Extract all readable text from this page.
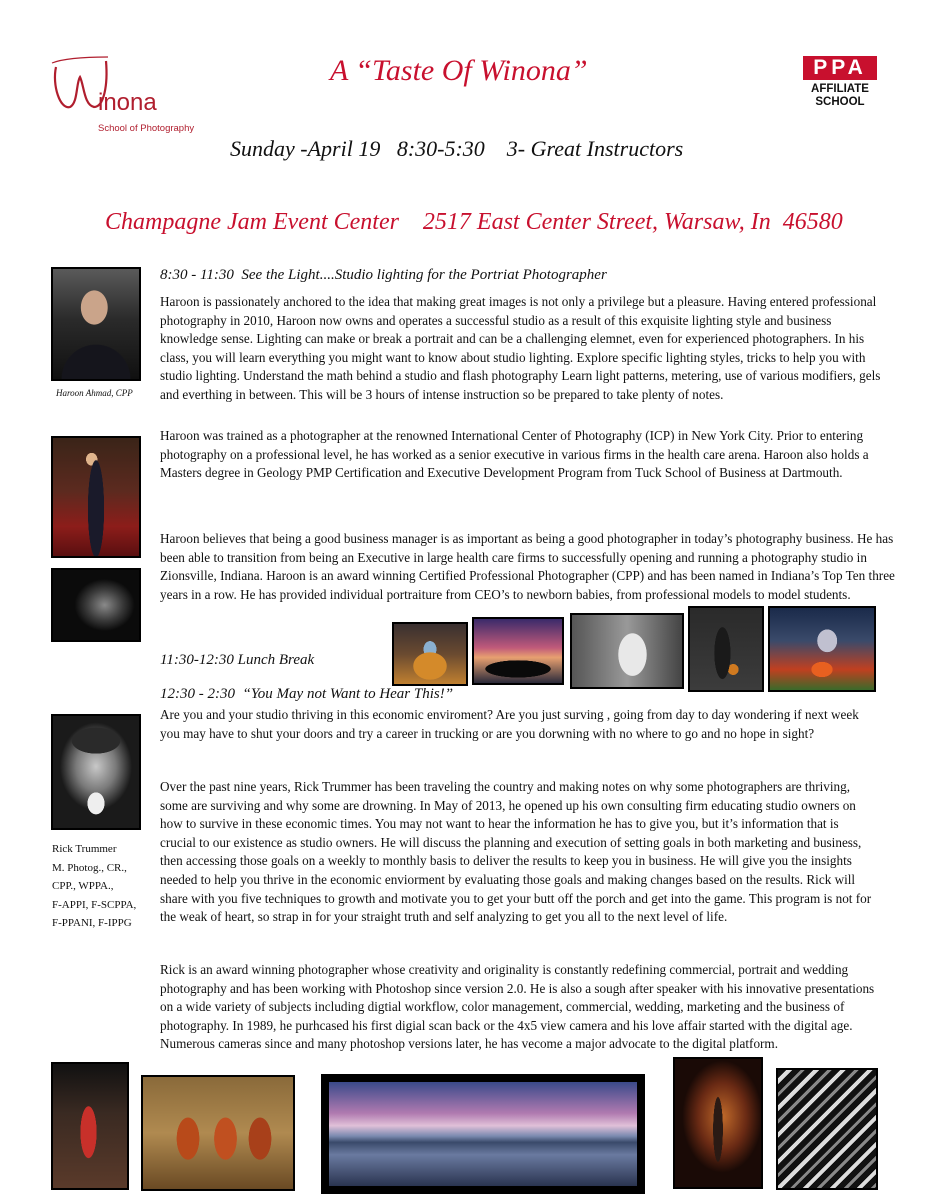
inona
School of Photography
PPA
AFFILIATE
SCHOOL
A “Taste Of Winona”
Sunday -April 19   8:30-5:30    3- Great Instructors
Champagne Jam Event Center    2517 East Center Street, Warsaw, In  46580
Haroon Ahmad, CPP
8:30 - 11:30  See the Light....Studio lighting for the Portriat Photographer
Haroon is passionately anchored to the idea that making great images is not only a privilege but a pleasure. Having entered professional photography in 2010, Haroon now owns and operates a successful studio as a result of this exquisite lighting style and business knowledge sense. Lighting can make or break a portrait and can be a challenging elemnet, even for experienced photographers. In his class, you will learn everything you might want to know about studio lighting. Explore specific lighting styles, tricks to help you with studio lighting. Understand the math behind a studio and flash photography Learn light patterns, metering, use of various modifiers, gels and everthing in between. This will be 3 hours of intense instruction so be prepared to take plenty of notes.
Haroon was trained as a photographer at the renowned International Center of Photography (ICP) in New York City. Prior to entering photography on a professional level, he has worked as a senior executive in various firms in the health care arena. Haroon also holds a Masters degree in Geology PMP Certification and Executive Development Program from Tuck School of Business at Dartmouth.
Haroon believes that being a good business manager is as important as being a good photographer in today’s photography business. He has been able to transition from being an Executive in large health care firms to successfully opening and running a photography studio in Zionsville, Indiana. Haroon is an award winning Certified Professional Photographer (CPP) and has been named in Indiana’s Top Ten three years in a row. He has provided individual portraiture from CEO’s to newborn babies, from professional models to model students.
11:30-12:30 Lunch Break
12:30 - 2:30  “You May not Want to Hear This!”
Are you and your studio thriving in this economic enviroment? Are you just surving , going from day to day wondering if next week you may have to shut your doors and try a career in trucking or are you dorwning with no where to go and no hope in sight?
Over the past nine years, Rick Trummer has been traveling the country and making notes on why some photographers are thriving, some are surviving and why some are drowning. In May of 2013, he opened up his own consulting firm educating studio owners on how to survive in these economic times. You may not want to hear the information he has to give you, but it’s information that is crucial to our existence as studio owners. He will discuss the planning and execution of setting goals in both marketing and business, then accessing those goals on a weekly to monthly basis to deliver the results to keep you in business. He will give you the insights needed to help you thrive in the economic enviorment by evaluating those goals and making changes based on the results. Rick will share with you five techniques to growth and motivate you to get your butt off the porch and get into the game. This program is not for the weak of heart, so strap in for your straight truth and self analyzing to get you all to the next level of life.
Rick is an award winning photographer whose creativity and originality is constantly redefining commercial, portrait and wedding photography and has been working with Photoshop since version 2.0. He is also a sough after speaker with his innovative presentations on a wide variety of subjects including digtial workflow, color management, commercial, wedding, marketing and the business of photography. In 1989, he purhcased his first digial scan back or the 4x5 view camera and his love affair started with the digital age. Numerous cameras since and many photoshop versions later, he has vecome a major advocate to the digital platform.
Rick Trummer
M. Photog., CR.,
CPP., WPPA.,
F-APPI, F-SCPPA,
F-PPANI, F-IPPG
